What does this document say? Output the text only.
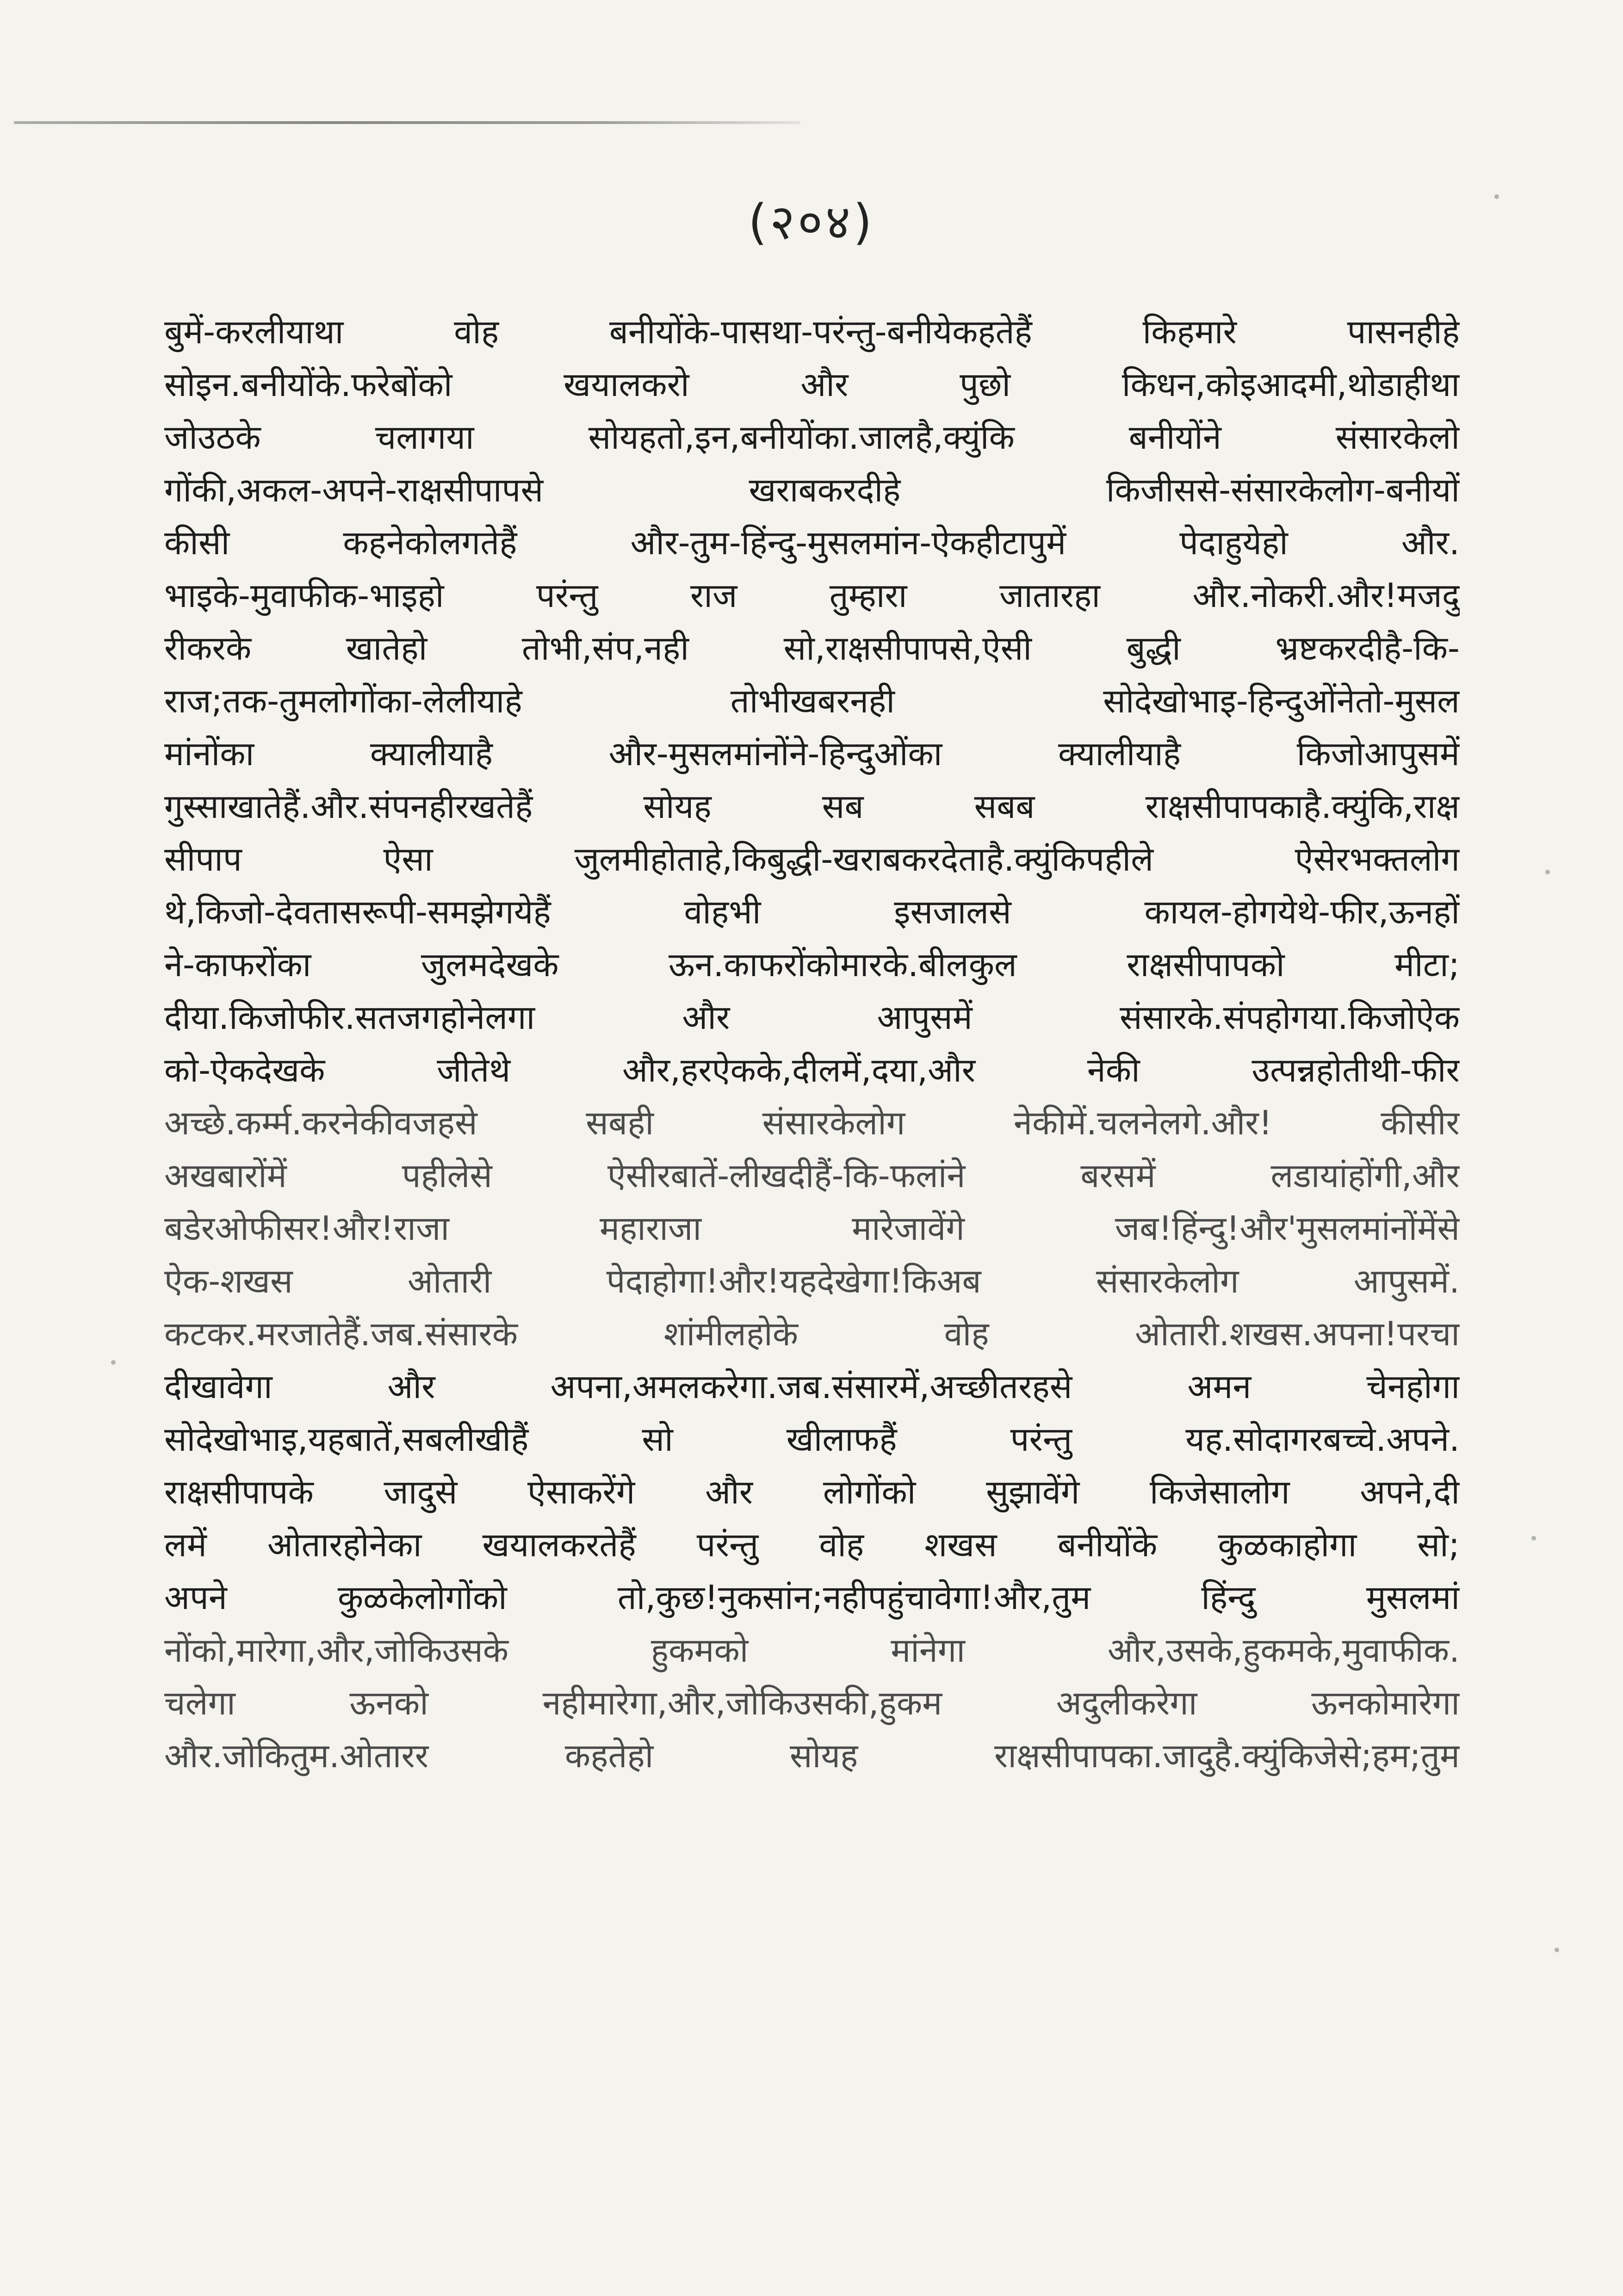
(२०४)
बुमें-करलीयाथा वोह बनीयोंके-पासथा-परंन्तु-बनीयेकहतेहैं किहमारे पासनहीहे
सोइन.बनीयोंके.फरेबोंको खयालकरो और पुछो किधन,कोइआदमी,थोडाहीथा
जोउठके चलागया सोयहतो,इन,बनीयोंका.जालहै,क्युंकि बनीयोंने संसारकेलो
गोंकी,अकल-अपने-राक्षसीपापसे खराबकरदीहे किजीससे-संसारकेलोग-बनीयों
कीसी कहनेकोलगतेहैं और-तुम-हिंन्दु-मुसलमांन-ऐकहीटापुमें पेदाहुयेहो और.
भाइके-मुवाफीक-भाइहो परंन्तु राज तुम्हारा जातारहा और.नोकरी.और!मजदु
रीकरके खातेहो तोभी,संप,नही सो,राक्षसीपापसे,ऐसी बुद्धी भ्रष्टकरदीहै-कि-
राज;तक-तुमलोगोंका-लेलीयाहे तोभीखबरनही सोदेखोभाइ-हिन्दुओंनेतो-मुसल
मांनोंका क्यालीयाहै और-मुसलमांनोंने-हिन्दुओंका क्यालीयाहै किजोआपुसमें
गुस्साखातेहैं.और.संपनहीरखतेहैं सोयह सब सबब राक्षसीपापकाहै.क्युंकि,राक्ष
सीपाप ऐसा जुलमीहोताहे,किबुद्धी-खराबकरदेताहै.क्युंकिपहीले ऐसेरभक्तलोग
थे,किजो-देवतासरूपी-समझेगयेहैं वोहभी इसजालसे कायल-होगयेथे-फीर,ऊनहों
ने-काफरोंका जुलमदेखके ऊन.काफरोंकोमारके.बीलकुल राक्षसीपापको मीटा;
दीया.किजोफीर.सतजगहोनेलगा और आपुसमें संसारके.संपहोगया.किजोऐक
को-ऐकदेखके जीतेथे और,हरऐकके,दीलमें,दया,और नेकी उत्पन्नहोतीथी-फीर
अच्छे.कर्म्म.करनेकीवजहसे सबही संसारकेलोग नेकीमें.चलनेलगे.और! कीसीर
अखबारोंमें पहीलेसे ऐसीरबातें-लीखदीहैं-कि-फलांने बरसमें लडायांहोंगी,और
बडेरओफीसर!और!राजा महाराजा मारेजावेंगे जब!हिंन्दु!और'मुसलमांनोंमेंसे
ऐक-शखस ओतारी पेदाहोगा!और!यहदेखेगा!किअब संसारकेलोग आपुसमें.
कटकर.मरजातेहैं.जब.संसारके शांमीलहोके वोह ओतारी.शखस.अपना!परचा
दीखावेगा और अपना,अमलकरेगा.जब.संसारमें,अच्छीतरहसे अमन चेनहोगा
सोदेखोभाइ,यहबातें,सबलीखीहैं सो खीलाफहैं परंन्तु यह.सोदागरबच्चे.अपने.
राक्षसीपापके जादुसे ऐसाकरेंगे और लोगोंको सुझावेंगे किजेसालोग अपने,दी
लमें ओतारहोनेका खयालकरतेहैं परंन्तु वोह शखस बनीयोंके कुळकाहोगा सो;
अपने कुळकेलोगोंको तो,कुछ!नुकसांन;नहीपहुंचावेगा!और,तुम हिंन्दु मुसलमां
नोंको,मारेगा,और,जोकिउसके हुकमको मांनेगा और,उसके,हुकमके,मुवाफीक.
चलेगा ऊनको नहीमारेगा,और,जोकिउसकी,हुकम अदुलीकरेगा ऊनकोमारेगा
और.जोकितुम.ओतारर कहतेहो सोयह राक्षसीपापका.जादुहै.क्युंकिजेसे;हम;तुम
